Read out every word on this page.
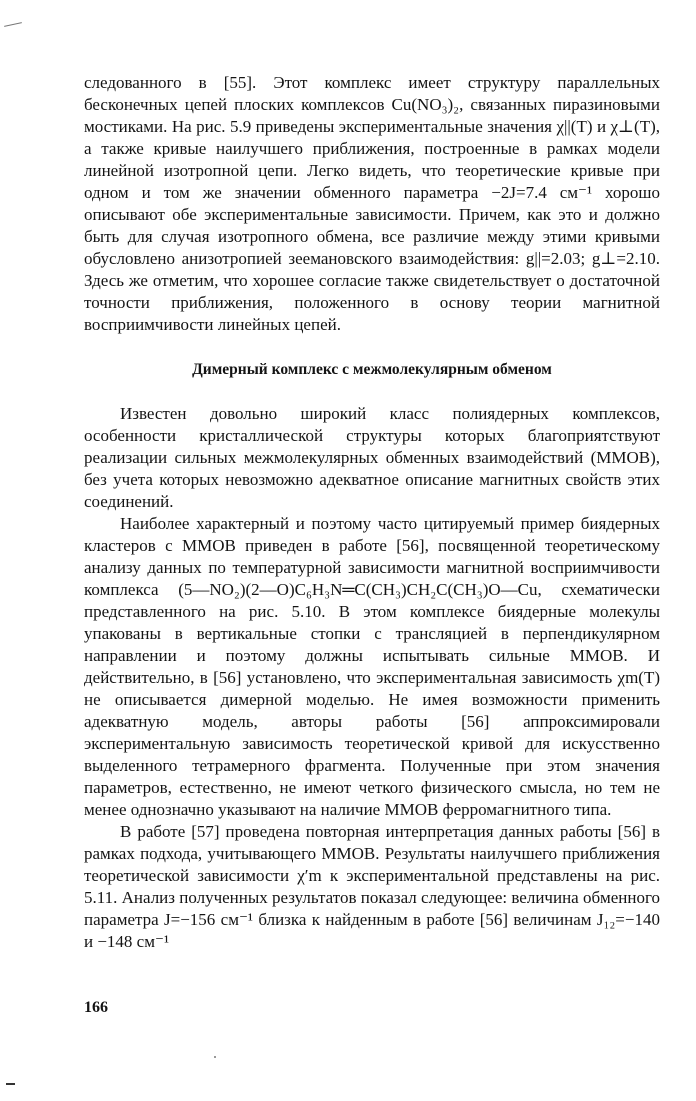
следованного в [55]. Этот комплекс имеет структуру параллельных бесконечных цепей плоских комплексов Cu(NO₃)₂, связанных пиразиновыми мостиками. На рис. 5.9 приведены экспериментальные значения χ||(T) и χ⊥(T), а также кривые наилучшего приближения, построенные в рамках модели линейной изотропной цепи. Легко видеть, что теоретические кривые при одном и том же значении обменного параметра −2J=7.4 см⁻¹ хорошо описывают обе экспериментальные зависимости. Причем, как это и должно быть для случая изотропного обмена, все различие между этими кривыми обусловлено анизотропией зеемановского взаимодействия: g||=2.03; g⊥=2.10. Здесь же отметим, что хорошее согласие также свидетельствует о достаточной точности приближения, положенного в основу теории магнитной восприимчивости линейных цепей.

Димерный комплекс с межмолекулярным обменом

Известен довольно широкий класс полиядерных комплексов, особенности кристаллической структуры которых благоприятствуют реализации сильных межмолекулярных обменных взаимодействий (ММОВ), без учета которых невозможно адекватное описание магнитных свойств этих соединений.

Наиболее характерный и поэтому часто цитируемый пример биядерных кластеров с ММОВ приведен в работе [56], посвященной теоретическому анализу данных по температурной зависимости магнитной восприимчивости комплекса (5—NO₂)(2—O)C₆H₃N═C(CH₃)CH₂C(CH₃)O—Cu, схематически представленного на рис. 5.10. В этом комплексе биядерные молекулы упакованы в вертикальные стопки с трансляцией в перпендикулярном направлении и поэтому должны испытывать сильные ММОВ. И действительно, в [56] установлено, что экспериментальная зависимость χm(T) не описывается димерной моделью. Не имея возможности применить адекватную модель, авторы работы [56] аппроксимировали экспериментальную зависимость теоретической кривой для искусственно выделенного тетрамерного фрагмента. Полученные при этом значения параметров, естественно, не имеют четкого физического смысла, но тем не менее однозначно указывают на наличие ММОВ ферромагнитного типа.

В работе [57] проведена повторная интерпретация данных работы [56] в рамках подхода, учитывающего ММОВ. Результаты наилучшего приближения теоретической зависимости χ′m к экспериментальной представлены на рис. 5.11. Анализ полученных результатов показал следующее: величина обменного параметра J=−156 см⁻¹ близка к найденным в работе [56] величинам J₁₂=−140 и −148 см⁻¹

166
